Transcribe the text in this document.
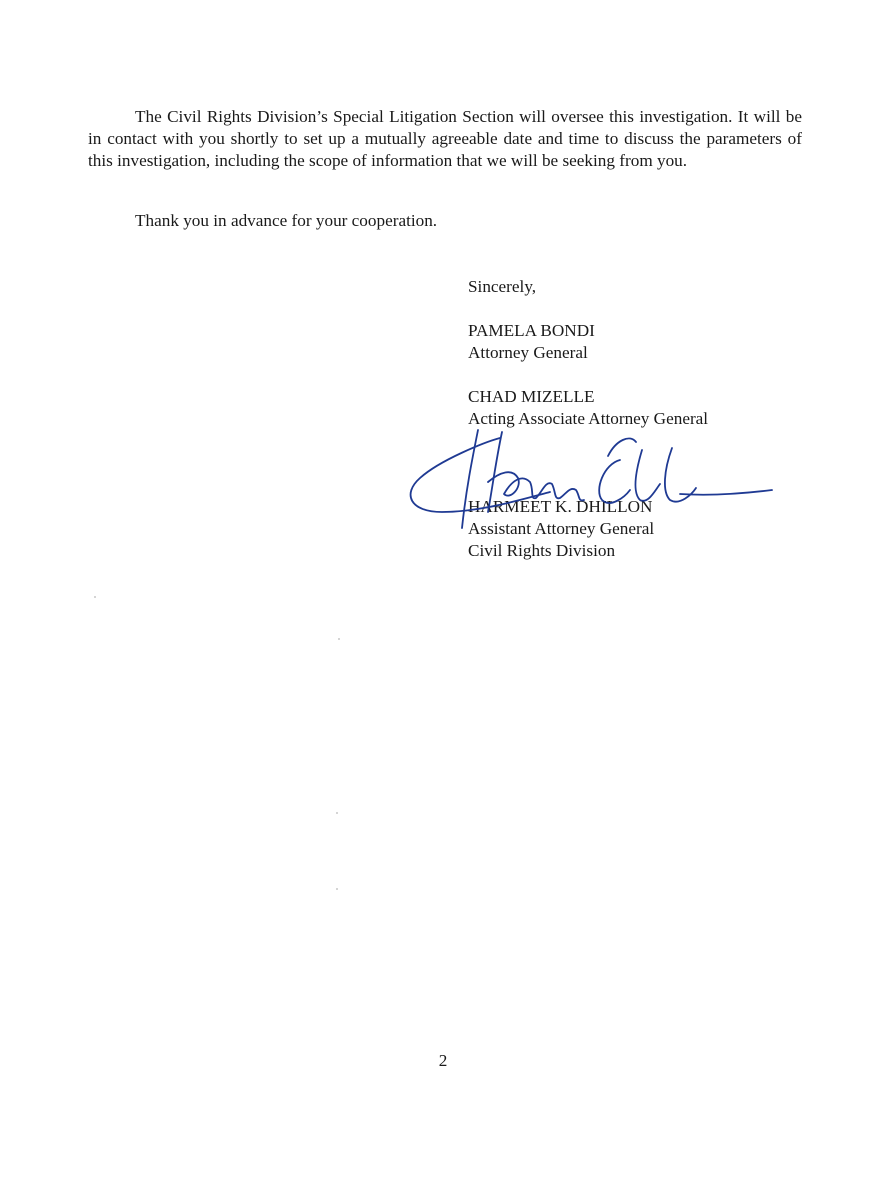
The Civil Rights Division’s Special Litigation Section will oversee this investigation. It will be in contact with you shortly to set up a mutually agreeable date and time to discuss the parameters of this investigation, including the scope of information that we will be seeking from you.

Thank you in advance for your cooperation.

Sincerely,
PAMELA BONDI
Attorney General
CHAD MIZELLE
Acting Associate Attorney General
HARMEET K. DHILLON
Assistant Attorney General
Civil Rights Division
2
